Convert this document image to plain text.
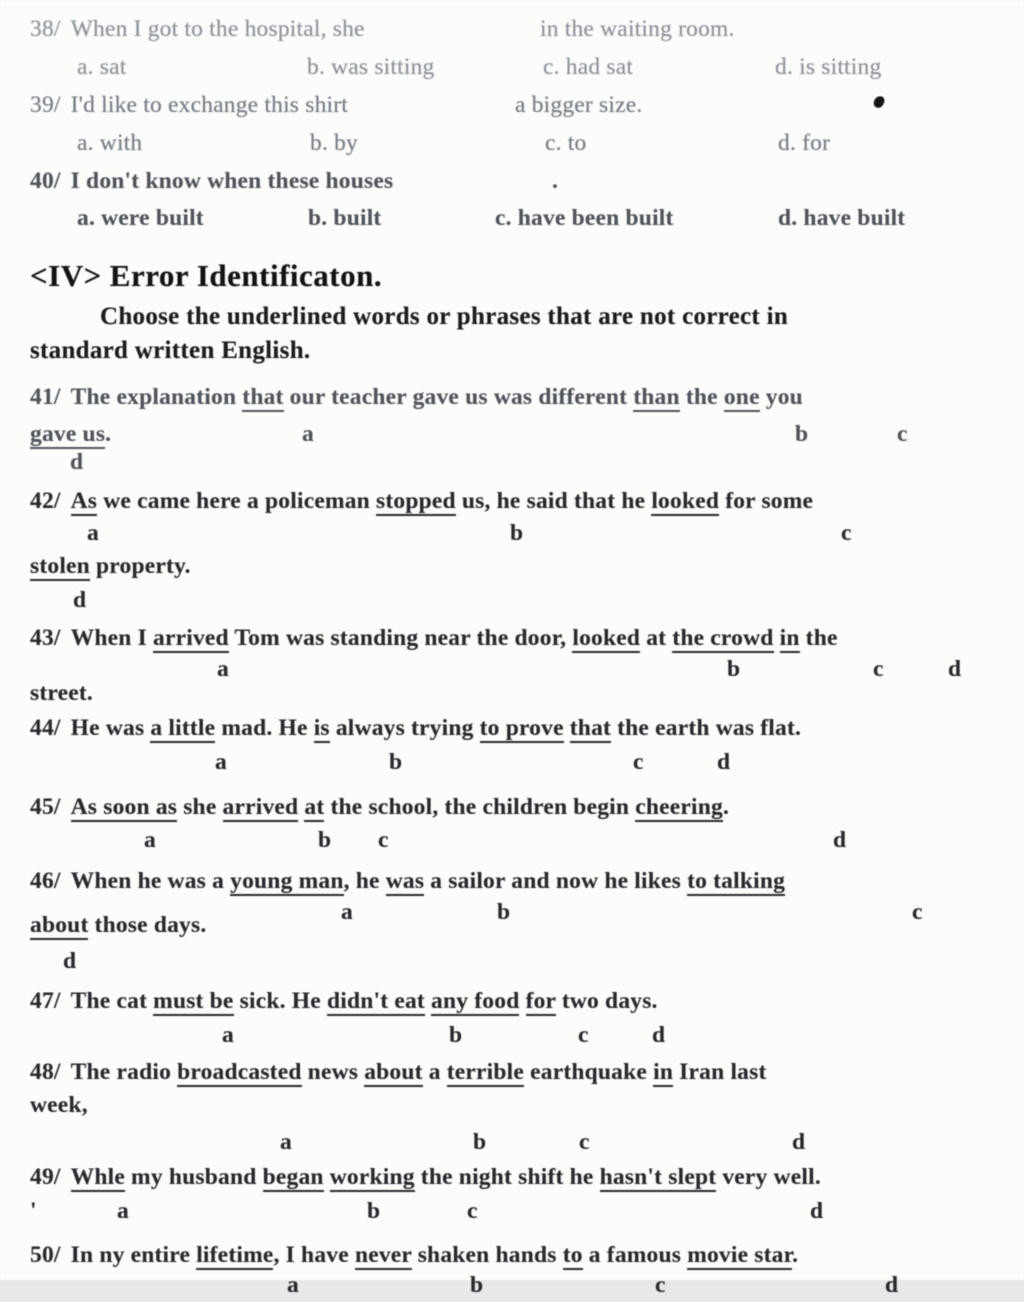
<IV> Error Identificaton.
Choose the underlined words or phrases that are not correct in
standard written English.
38/ When I got to the hospital, she	in the waiting room.
a. sat	b. was sitting	c. had sat	d. is sitting
39/ I'd like to exchange this shirt	a bigger size.
a. with	b. by	c. to	d. for
40/ I don't know when these houses	.
a. were built	b. built	c. have been built	d. have built
41/ The explanation that our teacher gave us was different than the one you
gave us.	a	b	c
d
42/ As we came here a policeman stopped us, he said that he looked for some
a	b	c
stolen property.
d
43/ When I arrived Tom was standing near the door, looked at the crowd in the
a	b	c	d
street.
44/ He was a little mad. He is always trying to prove that the earth was flat.
a	b	c	d
45/ As soon as she arrived at the school, the children begin cheering.
a	b c	d
46/ When he was a young man, he was a sailor and now he likes to talking
a	b	c
about those days.
d
47/ The cat must be sick. He didn't eat any food for two days.
a	b	c	d
48/ The radio broadcasted news about a terrible earthquake in Iran last
week,
a	b	c	d
49/ Whle my husband began working the night shift he hasn't slept very well.
'	a	b	c	d
50/ In ny entire lifetime, I have never shaken hands to a famous movie star.
a	b	c	d
